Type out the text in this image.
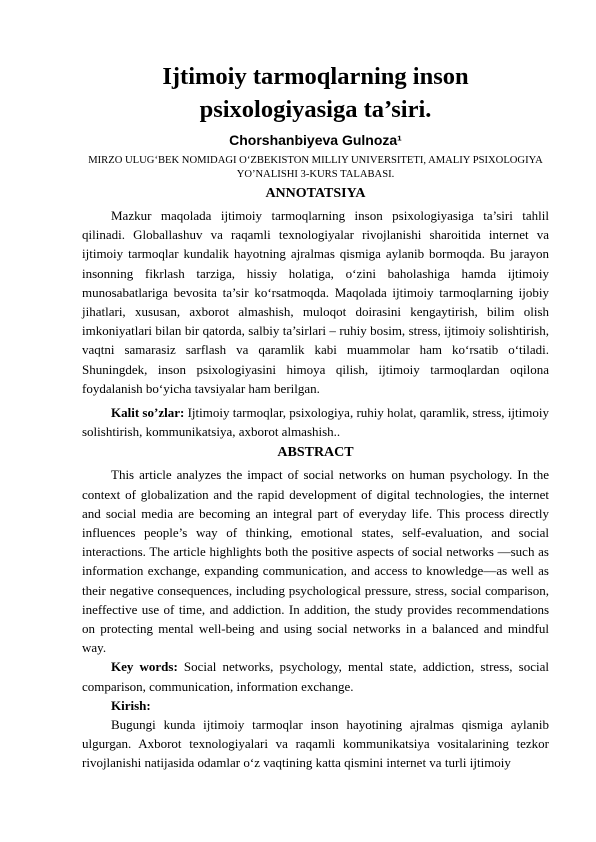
Ijtimoiy tarmoqlarning inson psixologiyasiga ta’siri.
Chorshanbiyeva Gulnoza¹
MIRZO ULUG‘BEK NOMIDAGI O‘ZBEKISTON MILLIY UNIVERSITETI, AMALIY PSIXOLOGIYA YO’NALISHI 3-KURS TALABASI.
ANNOTATSIYA

Mazkur maqolada ijtimoiy tarmoqlarning inson psixologiyasiga ta’siri tahlil qilinadi. Globallashuv va raqamli texnologiyalar rivojlanishi sharoitida internet va ijtimoiy tarmoqlar kundalik hayotning ajralmas qismiga aylanib bormoqda. Bu jarayon insonning fikrlash tarziga, hissiy holatiga, o‘zini baholashiga hamda ijtimoiy munosabatlariga bevosita ta’sir ko‘rsatmoqda. Maqolada ijtimoiy tarmoqlarning ijobiy jihatlari, xususan, axborot almashish, muloqot doirasini kengaytirish, bilim olish imkoniyatlari bilan bir qatorda, salbiy ta’sirlari – ruhiy bosim, stress, ijtimoiy solishtirish, vaqtni samarasiz sarflash va qaramlik kabi muammolar ham ko‘rsatib o‘tiladi. Shuningdek, inson psixologiyasini himoya qilish, ijtimoiy tarmoqlardan oqilona foydalanish bo‘yicha tavsiyalar ham berilgan.

Kalit so’zlar: Ijtimoiy tarmoqlar, psixologiya, ruhiy holat, qaramlik, stress, ijtimoiy solishtirish, kommunikatsiya, axborot almashish..

ABSTRACT

This article analyzes the impact of social networks on human psychology. In the context of globalization and the rapid development of digital technologies, the internet and social media are becoming an integral part of everyday life. This process directly influences people’s way of thinking, emotional states, self-evaluation, and social interactions. The article highlights both the positive aspects of social networks —such as information exchange, expanding communication, and access to knowledge—as well as their negative consequences, including psychological pressure, stress, social comparison, ineffective use of time, and addiction. In addition, the study provides recommendations on protecting mental well-being and using social networks in a balanced and mindful way.

Key words: Social networks, psychology, mental state, addiction, stress, social comparison, communication, information exchange.

Kirish:

Bugungi kunda ijtimoiy tarmoqlar inson hayotining ajralmas qismiga aylanib ulgurgan. Axborot texnologiyalari va raqamli kommunikatsiya vositalarining tezkor rivojlanishi natijasida odamlar o‘z vaqtining katta qismini internet va turli ijtimoiy
